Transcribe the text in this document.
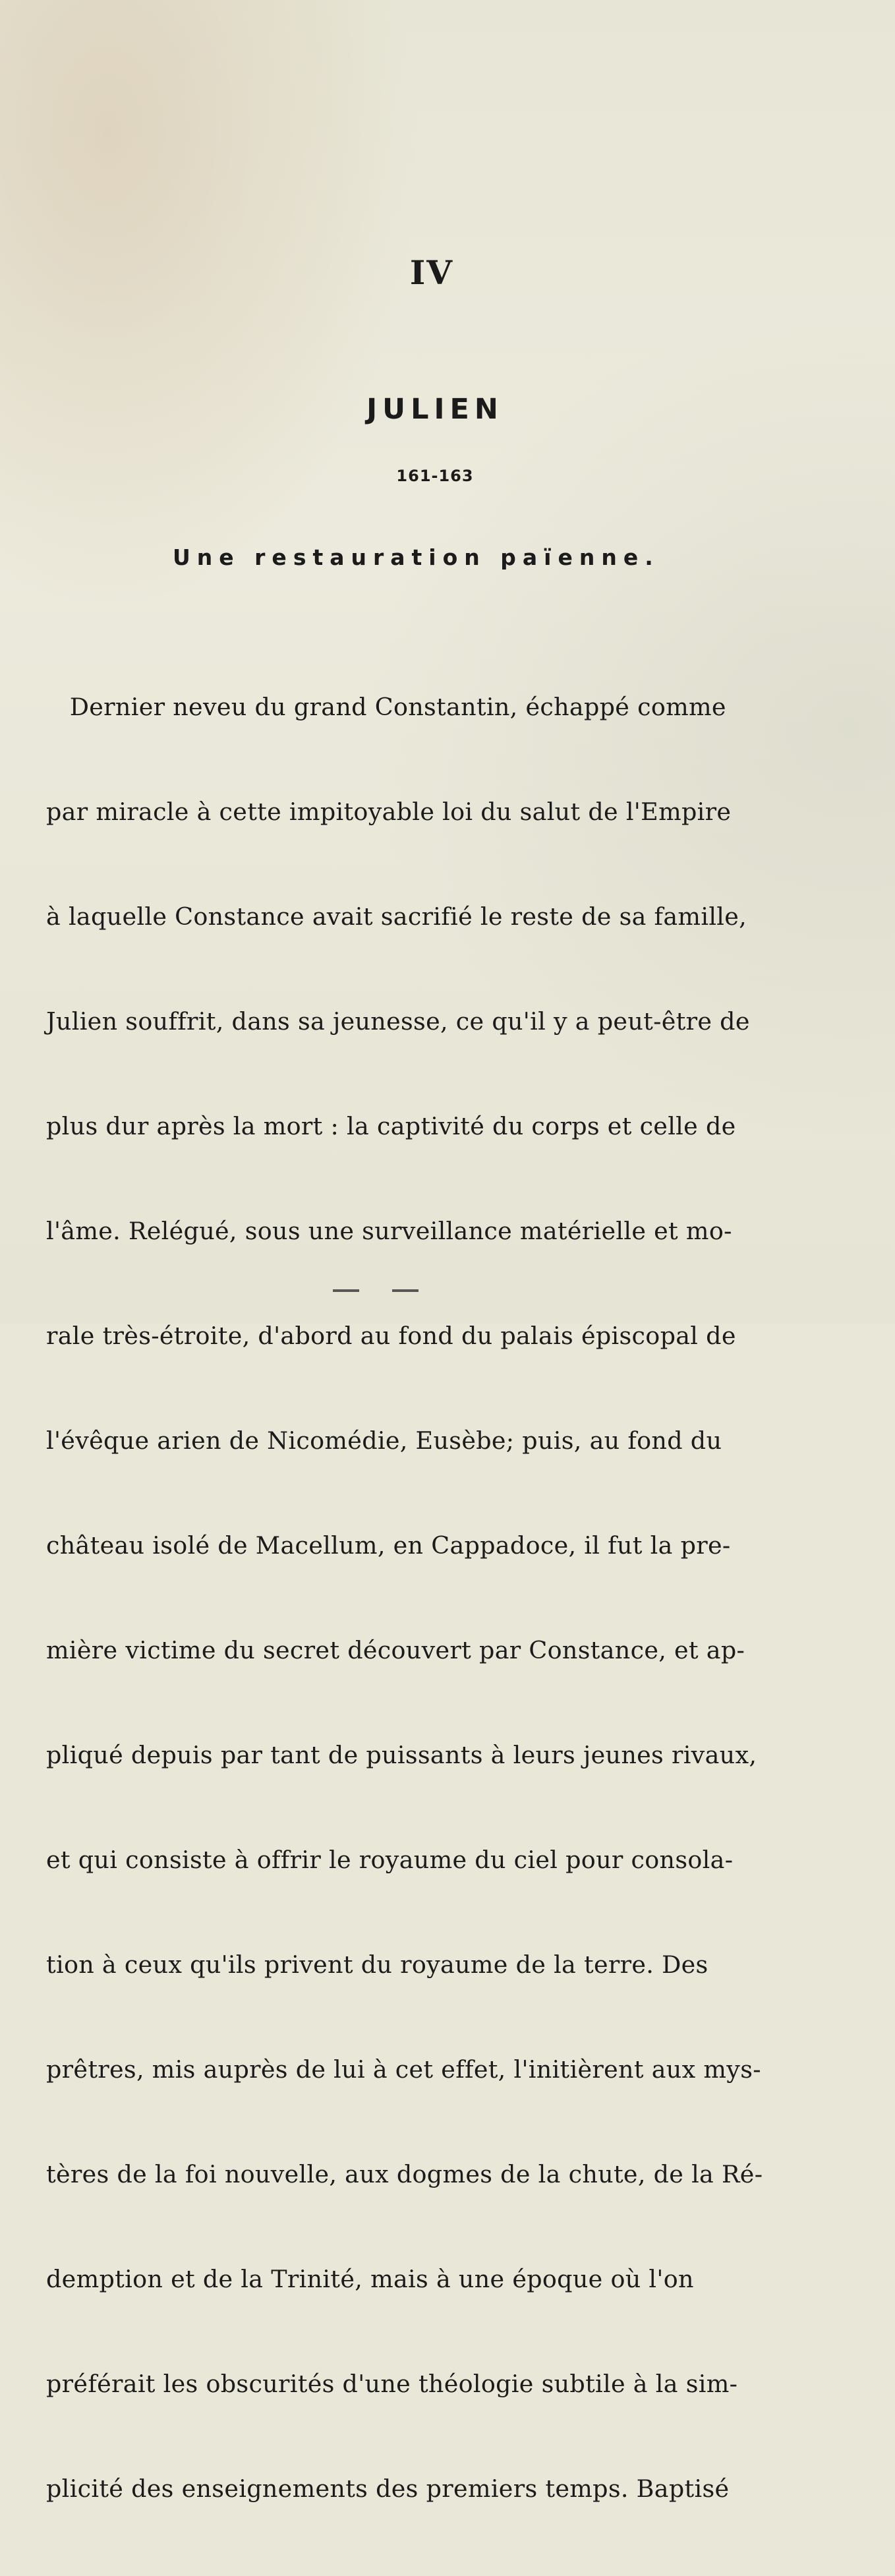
IV
JULIEN
161-163
Une restauration païenne.

Dernier neveu du grand Constantin, échappé comme

par miracle à cette impitoyable loi du salut de l'Empire

à laquelle Constance avait sacrifié le reste de sa famille,

Julien souffrit, dans sa jeunesse, ce qu'il y a peut-être de

plus dur après la mort : la captivité du corps et celle de

l'âme. Relégué, sous une surveillance matérielle et mo-

rale très-étroite, d'abord au fond du palais épiscopal de

l'évêque arien de Nicomédie, Eusèbe; puis, au fond du

château isolé de Macellum, en Cappadoce, il fut la pre-

mière victime du secret découvert par Constance, et ap-

pliqué depuis par tant de puissants à leurs jeunes rivaux,

et qui consiste à offrir le royaume du ciel pour consola-

tion à ceux qu'ils privent du royaume de la terre. Des

prêtres, mis auprès de lui à cet effet, l'initièrent aux mys-

tères de la foi nouvelle, aux dogmes de la chute, de la Ré-

demption et de la Trinité, mais à une époque où l'on

préférait les obscurités d'une théologie subtile à la sim-

plicité des enseignements des premiers temps. Baptisé
